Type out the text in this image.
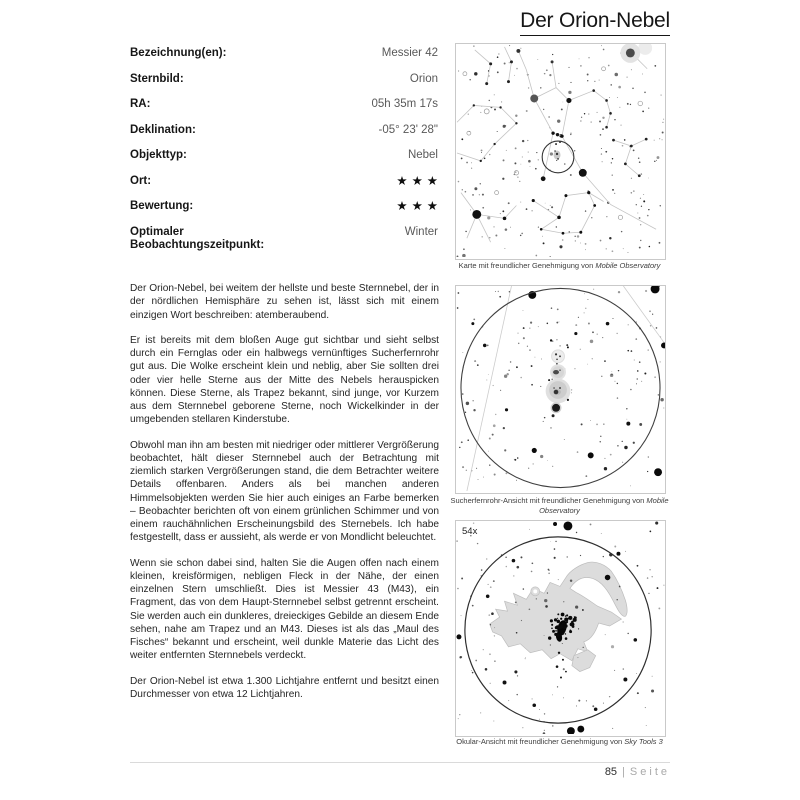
Der Orion-Nebel
Bezeichnung(en):	Messier 42
Sternbild:	Orion
RA:	05h 35m 17s
Deklination:	-05° 23' 28"
Objekttyp:	Nebel
Ort:	★★★
Bewertung:	★★★
Optimaler Beobachtungszeitpunkt:
Winter

Der Orion-Nebel, bei weitem der hellste und beste Sternnebel, der in der nördlichen Hemisphäre zu sehen ist, lässt sich mit einem einzigen Wort beschreiben: atemberaubend.

Er ist bereits mit dem bloßen Auge gut sichtbar und sieht selbst durch ein Fernglas oder ein halbwegs vernünftiges Sucherfernrohr gut aus. Die Wolke erscheint klein und neblig, aber Sie sollten drei oder vier helle Sterne aus der Mitte des Nebels herauspicken können. Diese Sterne, als Trapez bekannt, sind junge, vor Kurzem aus dem Sternnebel geborene Sterne, noch Wickelkinder in der umgebenden stellaren Kinderstube.

Obwohl man ihn am besten mit niedriger oder mittlerer Vergrößerung beobachtet, hält dieser Sternnebel auch der Betrachtung mit ziemlich starken Vergrößerungen stand, die dem Betrachter weitere Details offenbaren. Anders als bei manchen anderen Himmelsobjekten werden Sie hier auch einiges an Farbe bemerken – Beobachter berichten oft von einem grünlichen Schimmer und von einem rauchähnlichen Erscheinungsbild des Sternebels. Ich habe festgestellt, dass er aussieht, als werde er von Mondlicht beleuchtet.

Wenn sie schon dabei sind, halten Sie die Augen offen nach einem kleinen, kreisförmigen, nebligen Fleck in der Nähe, der einen einzelnen Stern umschließt. Dies ist Messier 43 (M43), ein Fragment, das von dem Haupt-Sternnebel selbst getrennt erscheint. Sie werden auch ein dunkleres, dreieckiges Gebilde an diesem Ende sehen, nahe am Trapez und an M43. Dieses ist als das „Maul des Fisches“ bekannt und erscheint, weil dunkle Materie das Licht des weiter entfernten Sternnebels verdeckt.

Der Orion-Nebel ist etwa 1.300 Lichtjahre entfernt und besitzt einen Durchmesser von etwa 12 Lichtjahren.

Karte mit freundlicher Genehmigung von Mobile Observatory
Sucherfernrohr-Ansicht mit freundlicher Genehmigung von Mobile Observatory
54x
Okular-Ansicht mit freundlicher Genehmigung von Sky Tools 3
85 | Seite
